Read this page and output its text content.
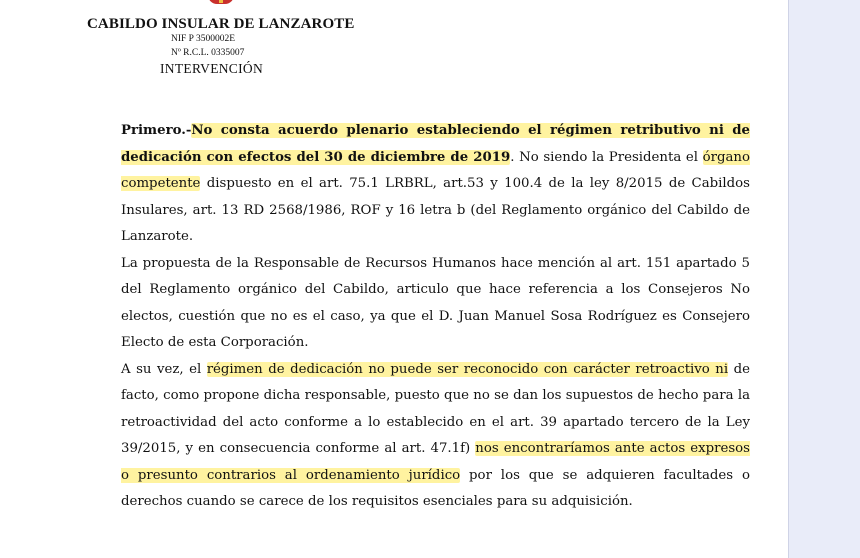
CABILDO INSULAR DE LANZAROTE
NIF P 3500002E
Nº R.C.L. 0335007
INTERVENCIÓN

Primero.-No consta acuerdo plenario estableciendo el régimen retributivo ni de dedicación con efectos del 30 de diciembre de 2019. No siendo la Presidenta el órgano competente dispuesto en el art. 75.1 LRBRL, art.53 y 100.4 de la ley 8/2015 de Cabildos Insulares, art. 13 RD 2568/1986, ROF y 16 letra b (del Reglamento orgánico del Cabildo de Lanzarote.

La propuesta de la Responsable de Recursos Humanos hace mención al art. 151 apartado 5 del Reglamento orgánico del Cabildo, articulo que hace referencia a los Consejeros No electos, cuestión que no es el caso, ya que el D. Juan Manuel Sosa Rodríguez es Consejero Electo de esta Corporación.

A su vez, el régimen de dedicación no puede ser reconocido con carácter retroactivo ni de facto, como propone dicha responsable, puesto que no se dan los supuestos de hecho para la retroactividad del acto conforme a lo establecido en el art. 39 apartado tercero de la Ley 39/2015, y en consecuencia conforme al art. 47.1f) nos encontraríamos ante actos expresos o presunto contrarios al ordenamiento jurídico por los que se adquieren facultades o derechos cuando se carece de los requisitos esenciales para su adquisición.
